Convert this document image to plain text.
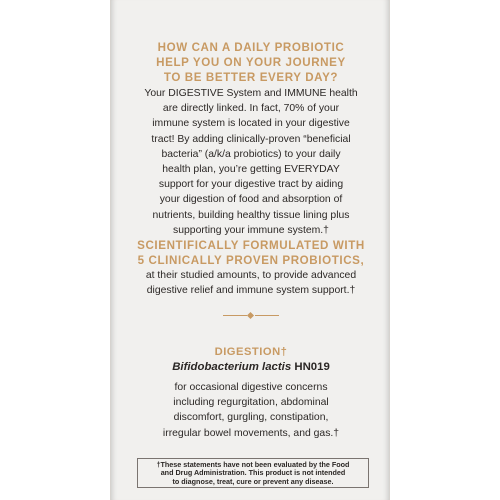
HOW CAN A DAILY PROBIOTIC
HELP YOU ON YOUR JOURNEY
TO BE BETTER EVERY DAY?
Your DIGESTIVE System and IMMUNE health
are directly linked. In fact, 70% of your
immune system is located in your digestive
tract! By adding clinically-proven “beneficial
bacteria” (a/k/a probiotics) to your daily
health plan, you’re getting EVERYDAY
support for your digestive tract by aiding
your digestion of food and absorption of
nutrients, building healthy tissue lining plus
supporting your immune system.†
SCIENTIFICALLY FORMULATED WITH
5 CLINICALLY PROVEN PROBIOTICS,
at their studied amounts, to provide advanced
digestive relief and immune system support.†
DIGESTION†
Bifidobacterium lactis HN019
for occasional digestive concerns
including regurgitation, abdominal
discomfort, gurgling, constipation,
irregular bowel movements, and gas.†
†These statements have not been evaluated by the Food
and Drug Administration. This product is not intended
to diagnose, treat, cure or prevent any disease.
